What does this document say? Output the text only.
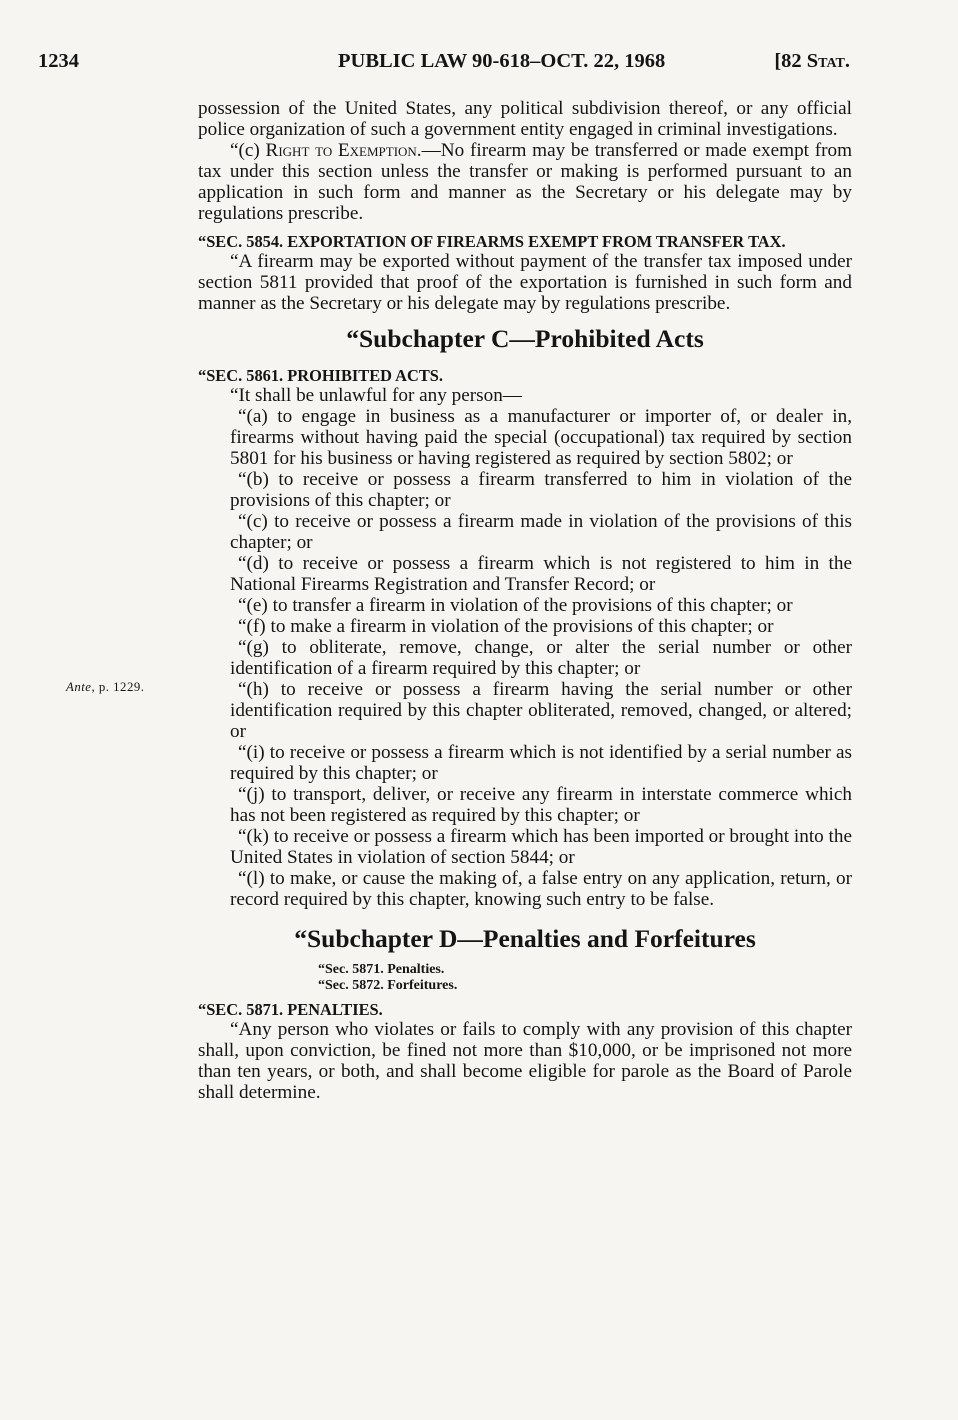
1234	PUBLIC LAW 90-618–OCT. 22, 1968	[82 Stat.
Ante, p. 1229.

possession of the United States, any political subdivision thereof, or any official police organization of such a government entity engaged in criminal investigations.

“(c) Right to Exemption.—No firearm may be transferred or made exempt from tax under this section unless the transfer or making is performed pursuant to an application in such form and manner as the Secretary or his delegate may by regulations prescribe.

“SEC. 5854. EXPORTATION OF FIREARMS EXEMPT FROM TRANSFER TAX.

“A firearm may be exported without payment of the transfer tax imposed under section 5811 provided that proof of the exportation is furnished in such form and manner as the Secretary or his delegate may by regulations prescribe.

“Subchapter C—Prohibited Acts

“SEC. 5861. PROHIBITED ACTS.

“It shall be unlawful for any person—

“(a) to engage in business as a manufacturer or importer of, or dealer in, firearms without having paid the special (occupational) tax required by section 5801 for his business or having registered as required by section 5802; or

“(b) to receive or possess a firearm transferred to him in violation of the provisions of this chapter; or

“(c) to receive or possess a firearm made in violation of the provisions of this chapter; or

“(d) to receive or possess a firearm which is not registered to him in the National Firearms Registration and Transfer Record; or

“(e) to transfer a firearm in violation of the provisions of this chapter; or

“(f) to make a firearm in violation of the provisions of this chapter; or

“(g) to obliterate, remove, change, or alter the serial number or other identification of a firearm required by this chapter; or

“(h) to receive or possess a firearm having the serial number or other identification required by this chapter obliterated, removed, changed, or altered; or

“(i) to receive or possess a firearm which is not identified by a serial number as required by this chapter; or

“(j) to transport, deliver, or receive any firearm in interstate commerce which has not been registered as required by this chapter; or

“(k) to receive or possess a firearm which has been imported or brought into the United States in violation of section 5844; or

“(l) to make, or cause the making of, a false entry on any application, return, or record required by this chapter, knowing such entry to be false.

“Subchapter D—Penalties and Forfeitures

“Sec. 5871. Penalties.

“Sec. 5872. Forfeitures.

“SEC. 5871. PENALTIES.

“Any person who violates or fails to comply with any provision of this chapter shall, upon conviction, be fined not more than $10,000, or be imprisoned not more than ten years, or both, and shall become eligible for parole as the Board of Parole shall determine.
